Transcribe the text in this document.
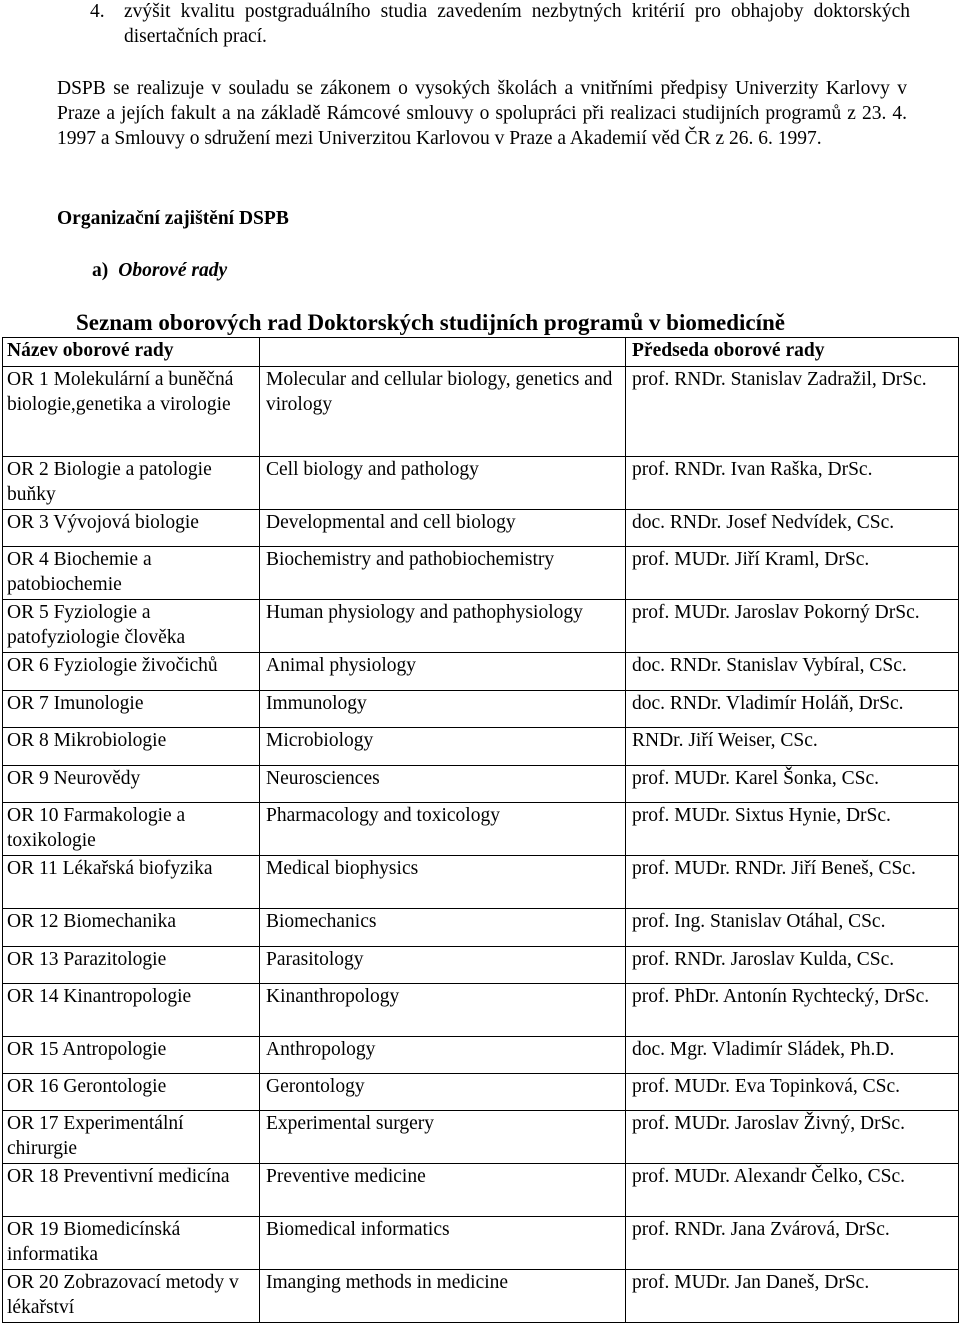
4. zvýšit kvalitu postgraduálního studia zavedením nezbytných kritérií pro obhajoby doktorských disertačních prací.
DSPB se realizuje v souladu se zákonem o vysokých školách a vnitřními předpisy Univerzity Karlovy v Praze a jejích fakult a na základě Rámcové smlouvy o spolupráci při realizaci studijních programů z 23. 4. 1997 a Smlouvy o sdružení mezi Univerzitou Karlovou v Praze a Akademií věd ČR z 26. 6. 1997.
Organizační zajištění DSPB
a) Oborové rady
Seznam oborových rad Doktorských studijních programů v biomedicíně
Název oborové rady		Předseda oborové rady
OR 1 Molekulární a buněčná biologie,genetika a virologie	Molecular and cellular biology, genetics and virology	prof. RNDr. Stanislav Zadražil, DrSc.
OR 2 Biologie a patologie buňky	Cell biology and pathology	prof. RNDr. Ivan Raška, DrSc.
OR 3 Vývojová biologie	Developmental and cell biology	doc. RNDr. Josef Nedvídek, CSc.
OR 4 Biochemie a patobiochemie	Biochemistry and pathobiochemistry	prof. MUDr. Jiří Kraml, DrSc.
OR 5 Fyziologie a patofyziologie člověka	Human physiology and pathophysiology	prof. MUDr. Jaroslav Pokorný DrSc.
OR 6 Fyziologie živočichů	Animal physiology	doc. RNDr. Stanislav Vybíral, CSc.
OR 7 Imunologie	Immunology	doc. RNDr. Vladimír Holáň, DrSc.
OR 8 Mikrobiologie	Microbiology	RNDr. Jiří Weiser, CSc.
OR 9 Neurovědy	Neurosciences	prof. MUDr. Karel Šonka, CSc.
OR 10 Farmakologie a toxikologie	Pharmacology and toxicology	prof. MUDr. Sixtus Hynie, DrSc.
OR 11 Lékařská biofyzika	Medical biophysics	prof. MUDr. RNDr. Jiří Beneš, CSc.
OR 12 Biomechanika	Biomechanics	prof. Ing. Stanislav Otáhal, CSc.
OR 13 Parazitologie	Parasitology	prof. RNDr. Jaroslav Kulda, CSc.
OR 14 Kinantropologie	Kinanthropology	prof. PhDr. Antonín Rychtecký, DrSc.
OR 15 Antropologie	Anthropology	doc. Mgr. Vladimír Sládek, Ph.D.
OR 16 Gerontologie	Gerontology	prof. MUDr. Eva Topinková, CSc.
OR 17 Experimentální chirurgie	Experimental surgery	prof. MUDr. Jaroslav Živný, DrSc.
OR 18 Preventivní medicína	Preventive medicine	prof. MUDr. Alexandr Čelko, CSc.
OR 19 Biomedicínská informatika	Biomedical informatics	prof. RNDr. Jana Zvárová, DrSc.
OR 20 Zobrazovací metody v lékařství	Imanging methods in medicine	prof. MUDr. Jan Daneš, DrSc.
